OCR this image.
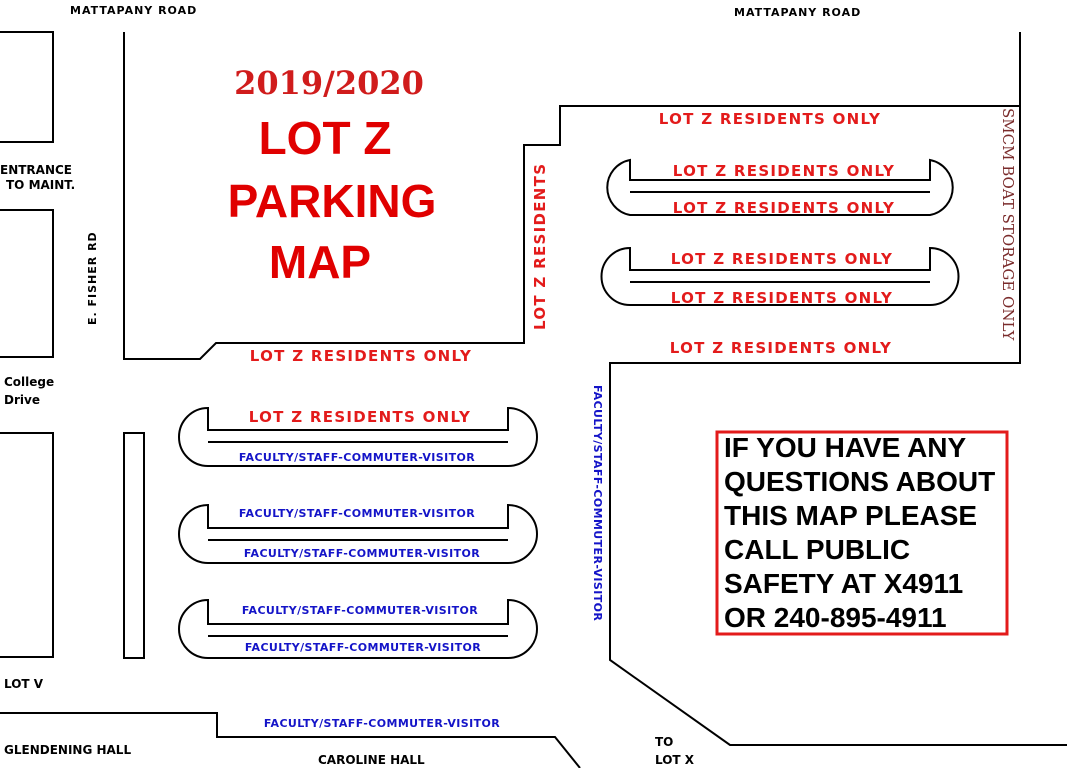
MATTAPANY ROAD	MATTAPANY ROAD
E. FISHER RD
ENTRANCE
TO MAINT.
College
Drive
LOT V
GLENDENING HALL
CAROLINE HALL
TO
LOT X
2019/2020
LOT Z
PARKING
MAP
LOT Z RESIDENTS ONLY
LOT Z RESIDENTS ONLY
LOT Z RESIDENTS ONLY
LOT Z RESIDENTS ONLY
LOT Z RESIDENTS ONLY
LOT Z RESIDENTS ONLY
LOT Z RESIDENTS ONLY
LOT Z RESIDENTS ONLY
LOT Z RESIDENTS
FACULTY/STAFF-COMMUTER-VISITOR
FACULTY/STAFF-COMMUTER-VISITOR
FACULTY/STAFF-COMMUTER-VISITOR
FACULTY/STAFF-COMMUTER-VISITOR
FACULTY/STAFF-COMMUTER-VISITOR
FACULTY/STAFF-COMMUTER-VISITOR
FACULTY/STAFF-COMMUTER-VISITOR
SMCM BOAT STORAGE ONLY
IF YOU HAVE ANY
QUESTIONS ABOUT
THIS MAP PLEASE
CALL PUBLIC
SAFETY AT X4911
OR 240-895-4911
